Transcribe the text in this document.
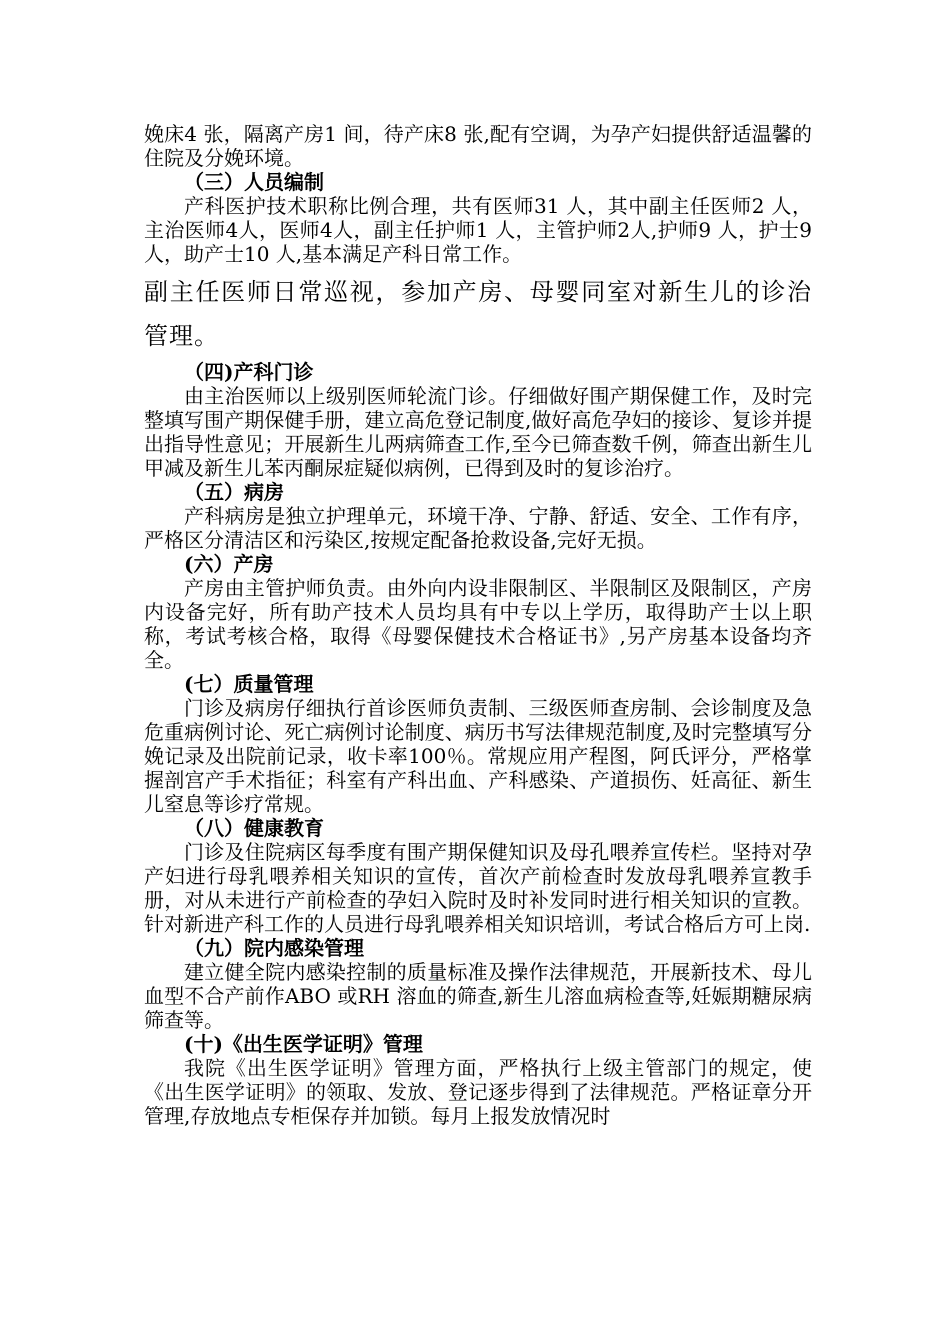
娩床4 张，隔离产房1 间，待产床8 张,配有空调，为孕产妇提供舒适温馨的住院及分娩环境。

（三）人员编制

产科医护技术职称比例合理，共有医师31 人，其中副主任医师2 人，主治医师4人，医师4人，副主任护师1 人，主管护师2人,护师9 人，护士9人，助产士10 人,基本满足产科日常工作。

副主任医师日常巡视，参加产房、母婴同室对新生儿的诊治管理。

（四)产科门诊

由主治医师以上级别医师轮流门诊。仔细做好围产期保健工作，及时完整填写围产期保健手册，建立高危登记制度,做好高危孕妇的接诊、复诊并提出指导性意见；开展新生儿两病筛查工作,至今已筛查数千例，筛查出新生儿甲减及新生儿苯丙酮尿症疑似病例，已得到及时的复诊治疗。

（五）病房

产科病房是独立护理单元，环境干净、宁静、舒适、安全、工作有序，严格区分清洁区和污染区,按规定配备抢救设备,完好无损。

(六）产房

产房由主管护师负责。由外向内设非限制区、半限制区及限制区，产房内设备完好，所有助产技术人员均具有中专以上学历，取得助产士以上职称，考试考核合格，取得《母婴保健技术合格证书》,另产房基本设备均齐全。

(七）质量管理

门诊及病房仔细执行首诊医师负责制、三级医师查房制、会诊制度及急危重病例讨论、死亡病例讨论制度、病历书写法律规范制度,及时完整填写分娩记录及出院前记录，收卡率100％。常规应用产程图，阿氏评分，严格掌握剖宫产手术指征；科室有产科出血、产科感染、产道损伤、妊高征、新生儿窒息等诊疗常规。

（八）健康教育

门诊及住院病区每季度有围产期保健知识及母孔喂养宣传栏。坚持对孕产妇进行母乳喂养相关知识的宣传，首次产前检查时发放母乳喂养宣教手册，对从未进行产前检查的孕妇入院时及时补发同时进行相关知识的宣教。针对新进产科工作的人员进行母乳喂养相关知识培训，考试合格后方可上岗.

（九）院内感染管理

建立健全院内感染控制的质量标准及操作法律规范，开展新技术、母儿血型不合产前作ABO 或RH 溶血的筛查,新生儿溶血病检查等,妊娠期糖尿病筛查等。

(十)《出生医学证明》管理

我院《出生医学证明》管理方面，严格执行上级主管部门的规定，使《出生医学证明》的领取、发放、登记逐步得到了法律规范。严格证章分开管理,存放地点专柜保存并加锁。每月上报发放情况时
